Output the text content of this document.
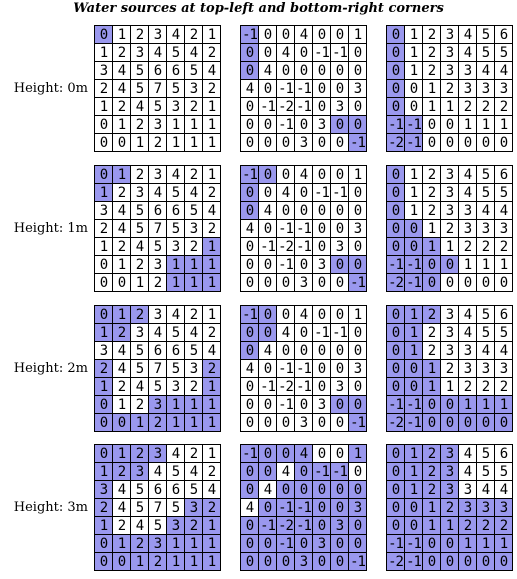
Water sources at top-left and bottom-right corners
Height: 0m
0 1 2 3 4 2 1
1 2 3 4 5 4 2
3 4 5 6 6 5 4
2 4 5 7 5 3 2
1 2 4 5 3 2 1
0 1 2 3 1 1 1
0 0 1 2 1 1 1
-1 0 0 4 0 0 1
0 0 4 0 -1 -1 0
0 4 0 0 0 0 0
4 0 -1 -1 0 0 3
0 -1 -2 -1 0 3 0
0 0 -1 0 3 0 0
0 0 0 3 0 0 -1
0 1 2 3 4 5 6
0 1 2 3 4 5 5
0 1 2 3 3 4 4
0 0 1 2 3 3 3
0 0 1 1 2 2 2
-1 -1 0 0 1 1 1
-2 -1 0 0 0 0 0
Height: 1m
0 1 2 3 4 2 1
1 2 3 4 5 4 2
3 4 5 6 6 5 4
2 4 5 7 5 3 2
1 2 4 5 3 2 1
0 1 2 3 1 1 1
0 0 1 2 1 1 1
-1 0 0 4 0 0 1
0 0 4 0 -1 -1 0
0 4 0 0 0 0 0
4 0 -1 -1 0 0 3
0 -1 -2 -1 0 3 0
0 0 -1 0 3 0 0
0 0 0 3 0 0 -1
0 1 2 3 4 5 6
0 1 2 3 4 5 5
0 1 2 3 3 4 4
0 0 1 2 3 3 3
0 0 1 1 2 2 2
-1 -1 0 0 1 1 1
-2 -1 0 0 0 0 0
Height: 2m
0 1 2 3 4 2 1
1 2 3 4 5 4 2
3 4 5 6 6 5 4
2 4 5 7 5 3 2
1 2 4 5 3 2 1
0 1 2 3 1 1 1
0 0 1 2 1 1 1
-1 0 0 4 0 0 1
0 0 4 0 -1 -1 0
0 4 0 0 0 0 0
4 0 -1 -1 0 0 3
0 -1 -2 -1 0 3 0
0 0 -1 0 3 0 0
0 0 0 3 0 0 -1
0 1 2 3 4 5 6
0 1 2 3 4 5 5
0 1 2 3 3 4 4
0 0 1 2 3 3 3
0 0 1 1 2 2 2
-1 -1 0 0 1 1 1
-2 -1 0 0 0 0 0
Height: 3m
0 1 2 3 4 2 1
1 2 3 4 5 4 2
3 4 5 6 6 5 4
2 4 5 7 5 3 2
1 2 4 5 3 2 1
0 1 2 3 1 1 1
0 0 1 2 1 1 1
-1 0 0 4 0 0 1
0 0 4 0 -1 -1 0
0 4 0 0 0 0 0
4 0 -1 -1 0 0 3
0 -1 -2 -1 0 3 0
0 0 -1 0 3 0 0
0 0 0 3 0 0 -1
0 1 2 3 4 5 6
0 1 2 3 4 5 5
0 1 2 3 3 4 4
0 0 1 2 3 3 3
0 0 1 1 2 2 2
-1 -1 0 0 1 1 1
-2 -1 0 0 0 0 0
